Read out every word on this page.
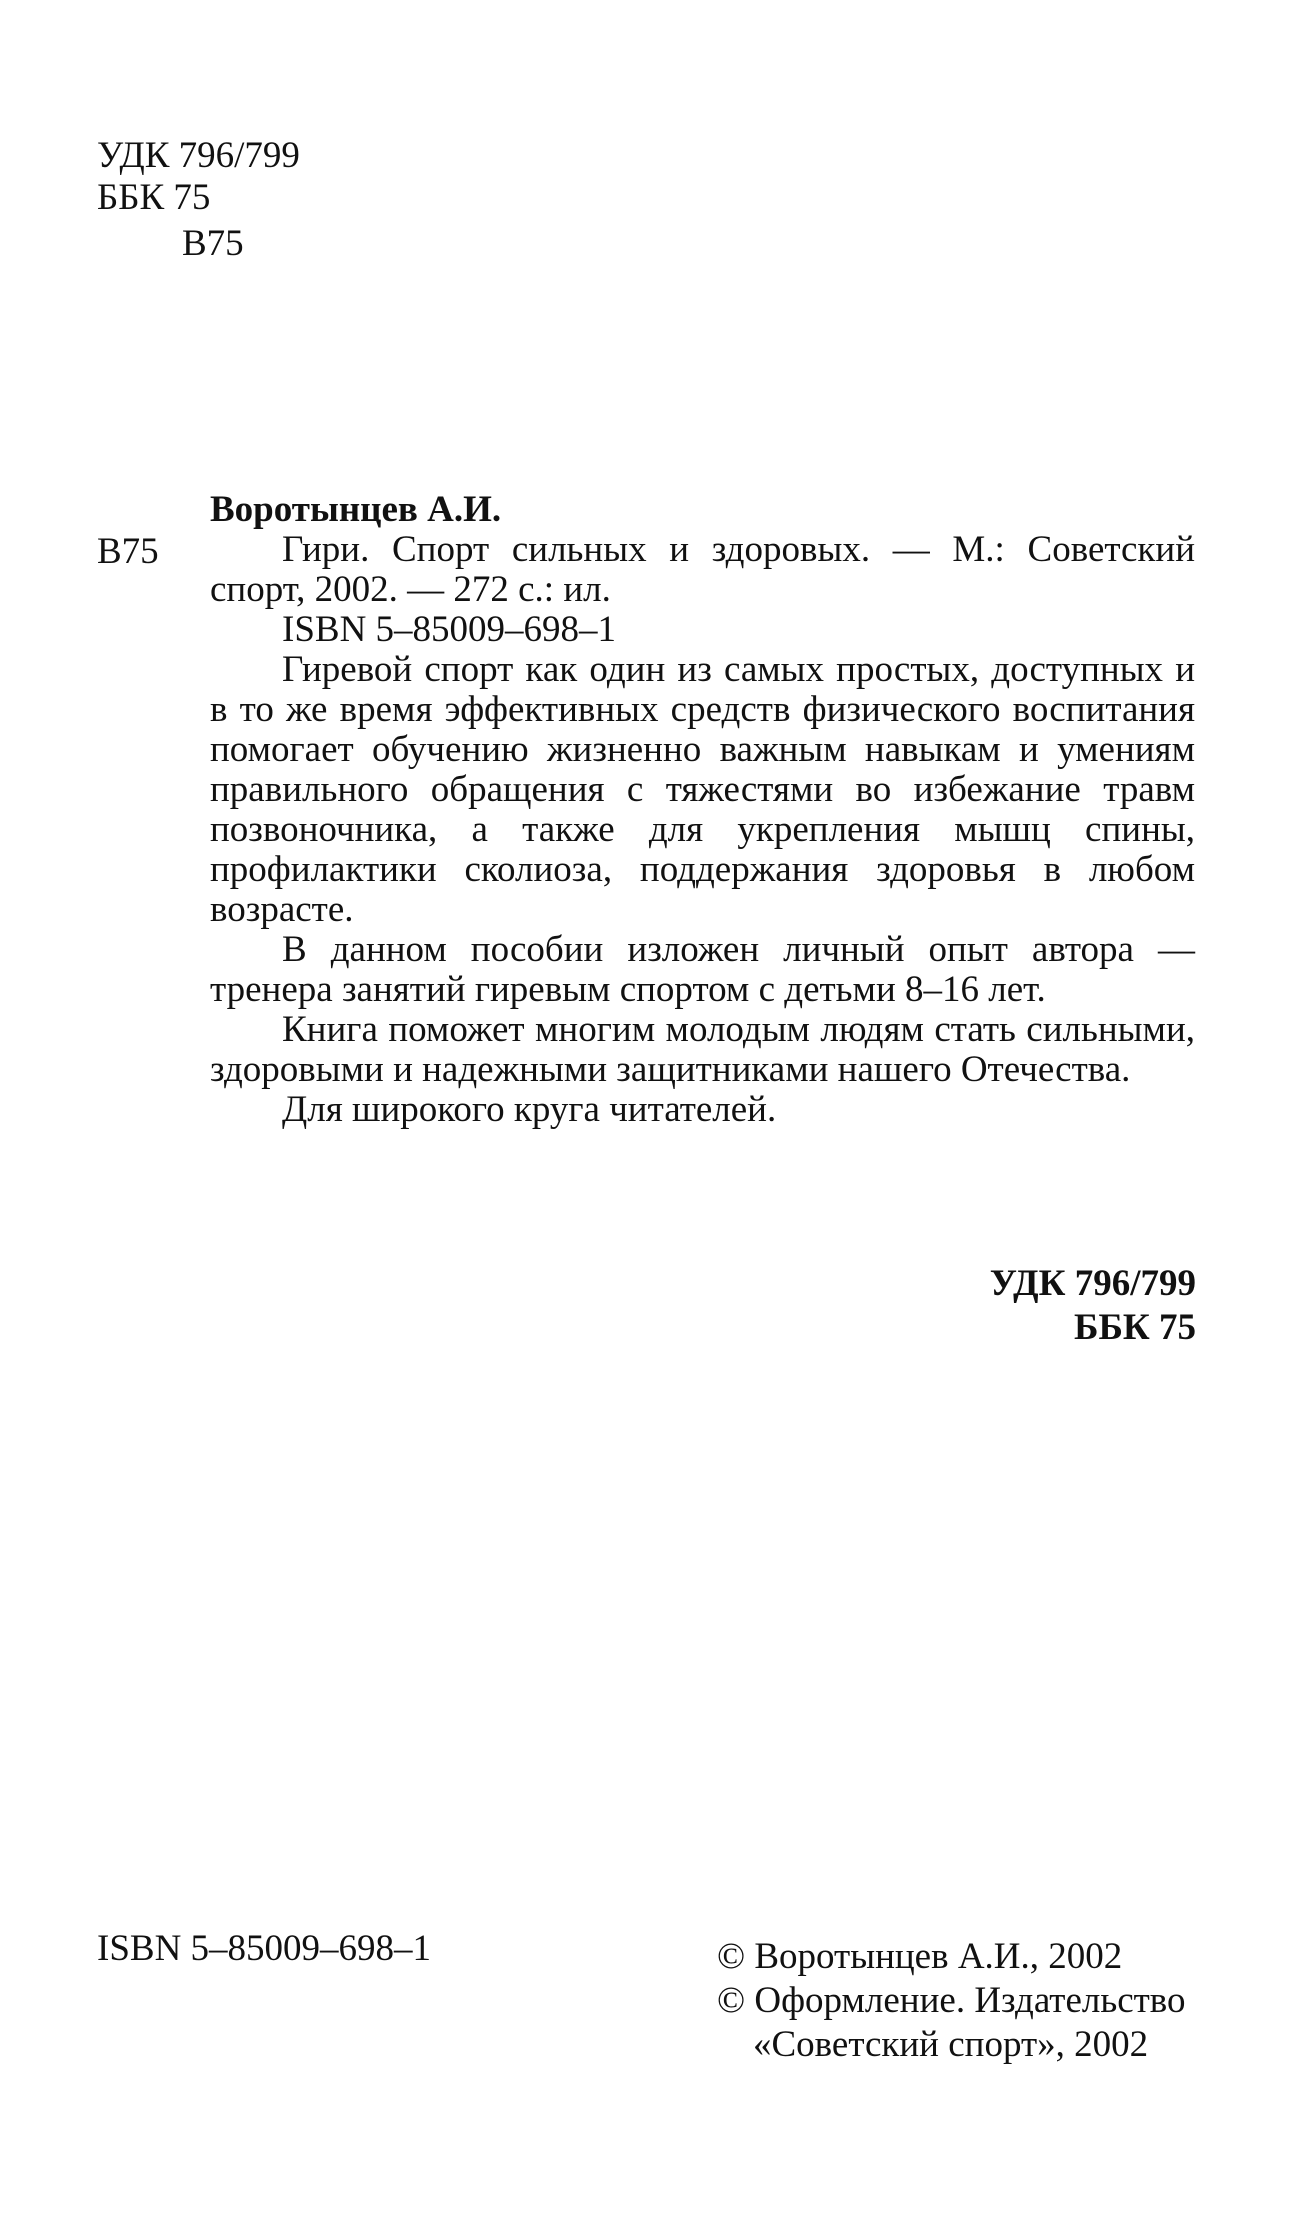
УДК 796/799
ББК 75
В75
Воротынцев А.И.
В75	Гири. Спорт сильных и здоровых. — М.: Советский спорт, 2002. — 272 с.: ил.

ISBN 5–85009–698–1

Гиревой спорт как один из самых простых, доступных и в то же время эффективных средств физического воспитания помогает обучению жизненно важным навыкам и умениям правильного обращения с тяжестями во избежание травм позвоночника, а также для укрепления мышц спины, профилактики сколиоза, поддержания здоровья в любом возрасте.

В данном пособии изложен личный опыт автора — тренера занятий гиревым спортом с детьми 8–16 лет.

Книга поможет многим молодым людям стать сильными, здоровыми и надежными защитниками нашего Отечества.

Для широкого круга читателей.

УДК 796/799
ББК 75
ISBN 5–85009–698–1	© Воротынцев А.И., 2002
© Оформление. Издательство
«Советский спорт», 2002
